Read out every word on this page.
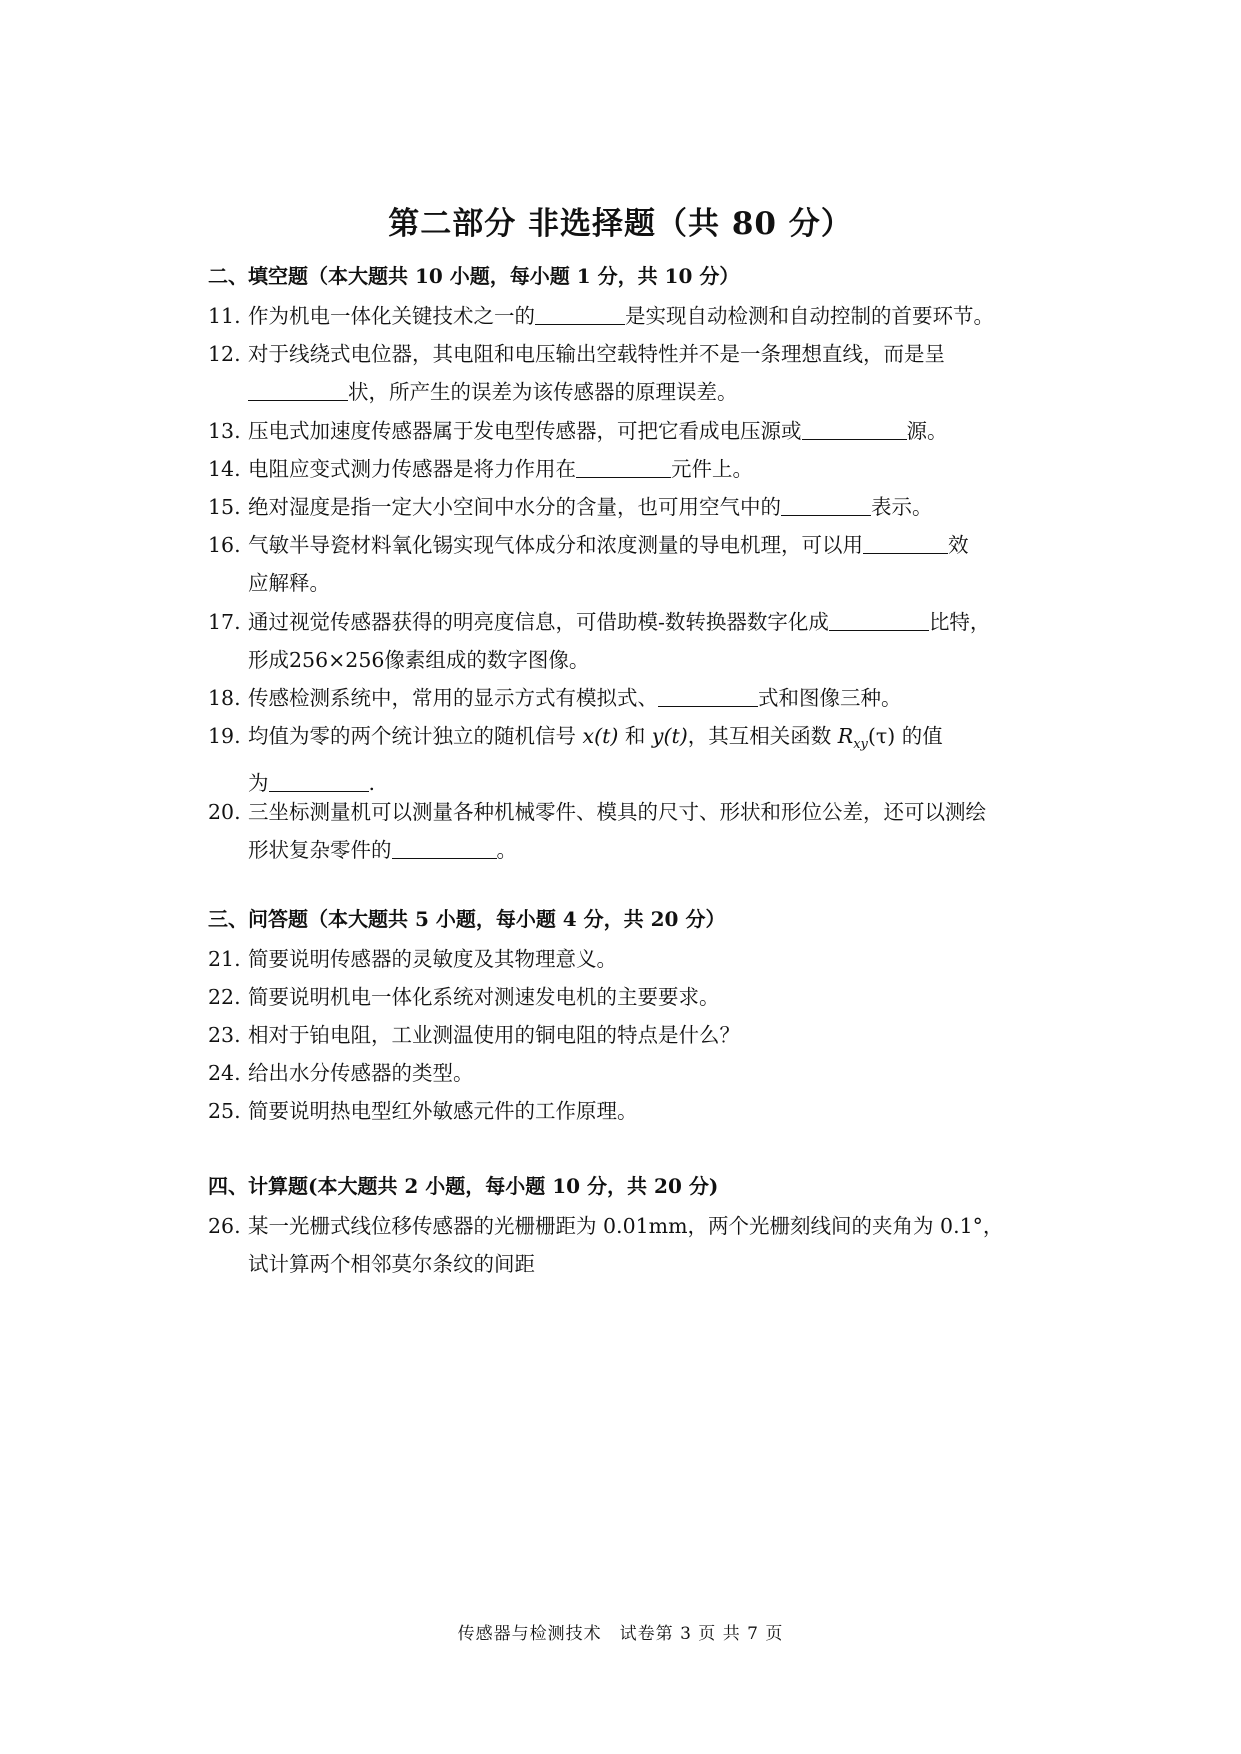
第二部分 非选择题（共 80 分）
二、填空题（本大题共 10 小题，每小题 1 分，共 10 分）
11. 作为机电一体化关键技术之一的	是实现自动检测和自动控制的首要环节。
12. 对于线绕式电位器，其电阻和电压输出空载特性并不是一条理想直线，而是呈
状，所产生的误差为该传感器的原理误差。
13. 压电式加速度传感器属于发电型传感器，可把它看成电压源或	源。
14. 电阻应变式测力传感器是将力作用在	元件上。
15. 绝对湿度是指一定大小空间中水分的含量，也可用空气中的	表示。
16. 气敏半导瓷材料氧化锡实现气体成分和浓度测量的导电机理，可以用	效
应解释。
17. 通过视觉传感器获得的明亮度信息，可借助模-数转换器数字化成	比特，
形成256×256像素组成的数字图像。
18. 传感检测系统中，常用的显示方式有模拟式、	式和图像三种。
19. 均值为零的两个统计独立的随机信号 x(t) 和 y(t)，其互相关函数 $R_{xy}(\tau)$ 的值
为	.
20. 三坐标测量机可以测量各种机械零件、模具的尺寸、形状和形位公差，还可以测绘
形状复杂零件的	。
三、问答题（本大题共 5 小题，每小题 4 分，共 20 分）
21. 简要说明传感器的灵敏度及其物理意义。
22. 简要说明机电一体化系统对测速发电机的主要要求。
23. 相对于铂电阻，工业测温使用的铜电阻的特点是什么？
24. 给出水分传感器的类型。
25. 简要说明热电型红外敏感元件的工作原理。
四、计算题(本大题共 2 小题，每小题 10 分，共 20 分)
26. 某一光栅式线位移传感器的光栅栅距为 0.01mm，两个光栅刻线间的夹角为 0.1°，
试计算两个相邻莫尔条纹的间距
传感器与检测技术　试卷第 3 页 共 7 页
